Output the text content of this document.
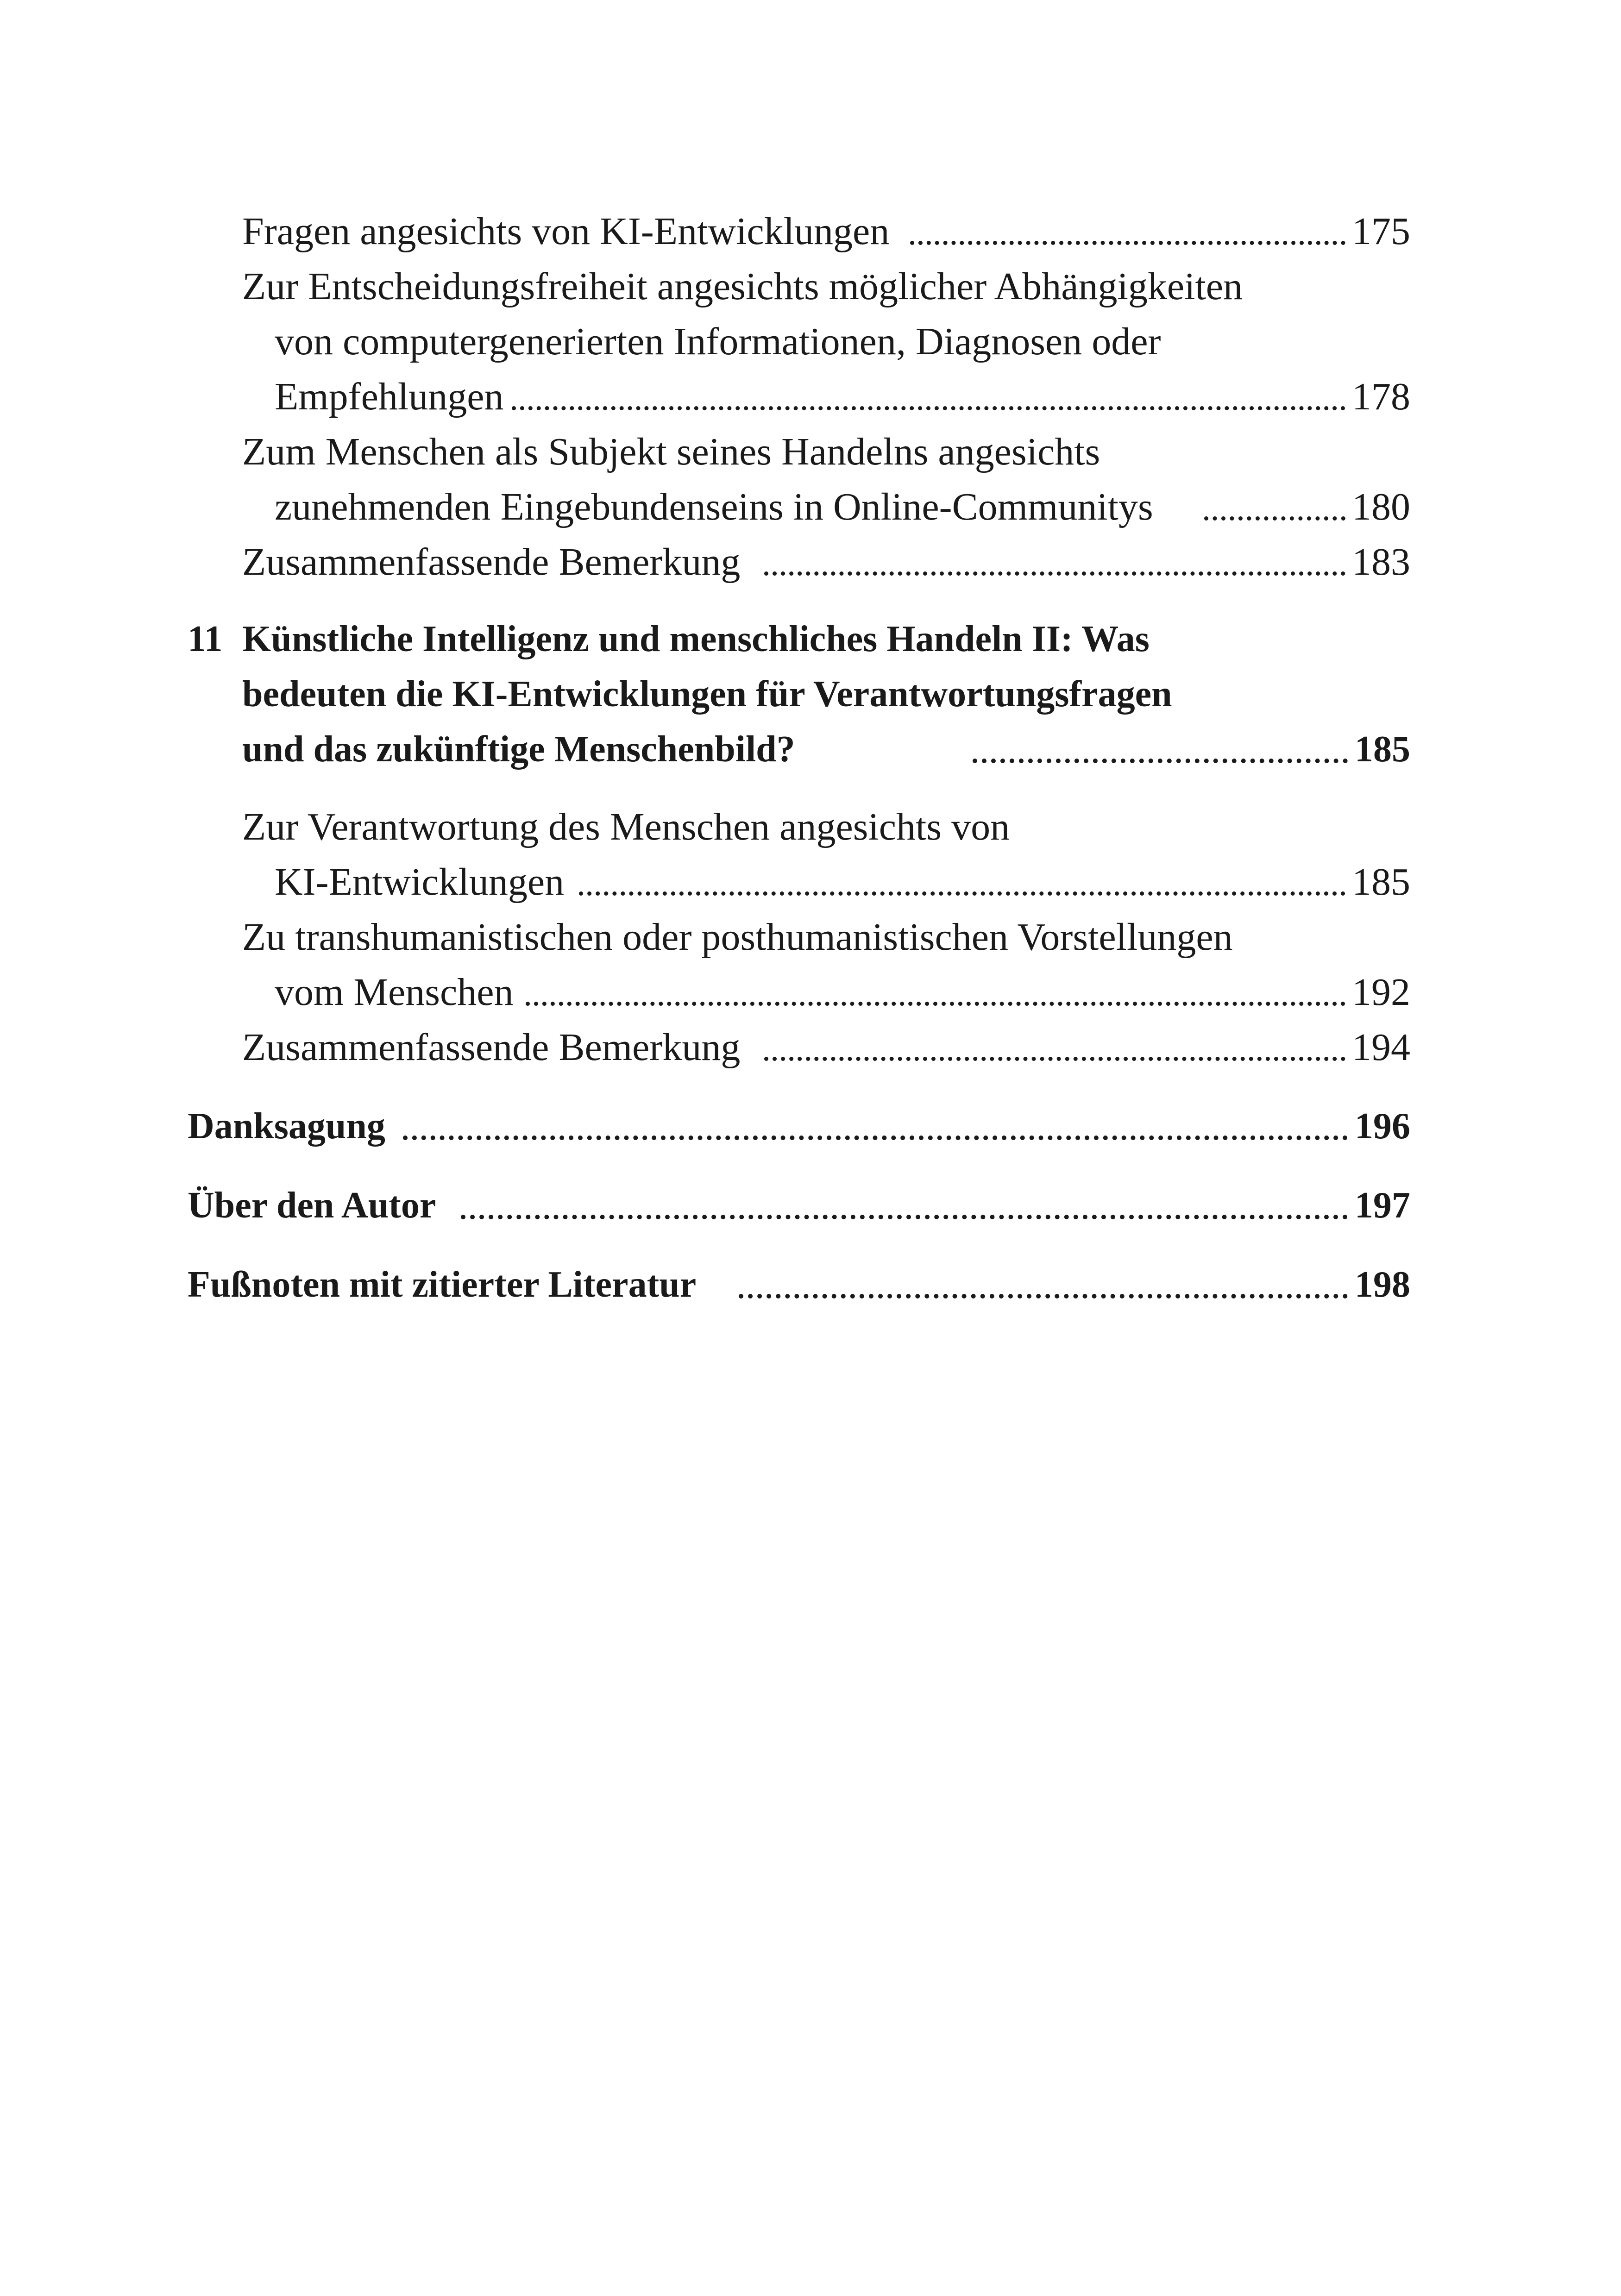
Fragen angesichts von KI-Entwicklungen	175
Zur Entscheidungsfreiheit angesichts möglicher Abhängigkeiten
von computergenerierten Informationen, Diagnosen oder
Empfehlungen	178
Zum Menschen als Subjekt seines Handelns angesichts
zunehmenden Eingebundenseins in Online-Communitys	180
Zusammenfassende Bemerkung	183
11 Künstliche Intelligenz und menschliches Handeln II: Was
bedeuten die KI-Entwicklungen für Verantwortungsfragen
und das zukünftige Menschenbild?	185
Zur Verantwortung des Menschen angesichts von
KI-Entwicklungen	185
Zu transhumanistischen oder posthumanistischen Vorstellungen
vom Menschen	192
Zusammenfassende Bemerkung	194
Danksagung	196
Über den Autor	197
Fußnoten mit zitierter Literatur	198
